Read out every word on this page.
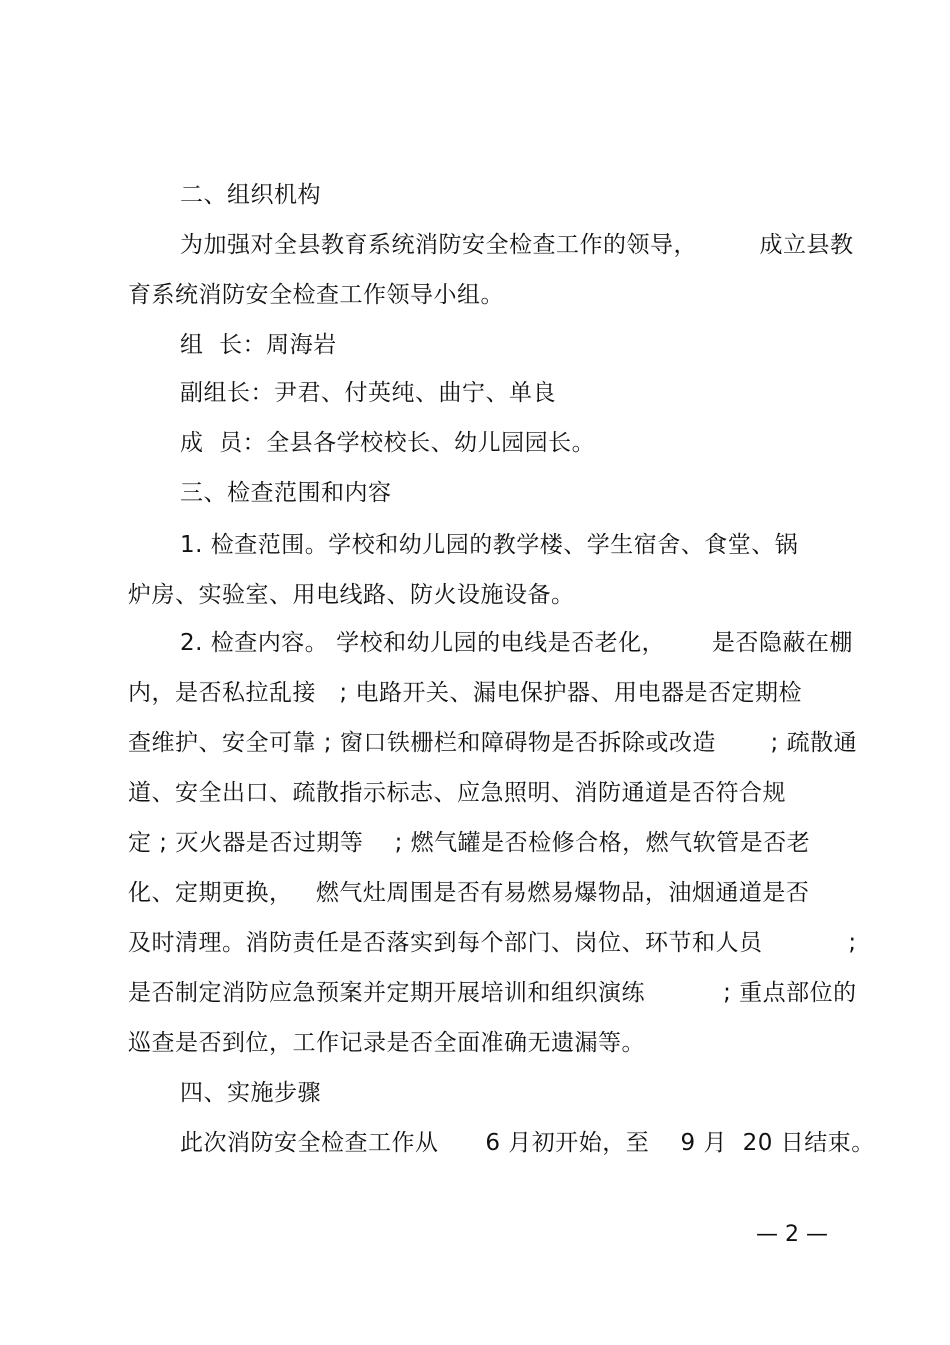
二、组织机构
为加强对全县教育系统消防安全检查工作的领导，        成立县教
育系统消防安全检查工作领导小组。
组  长：周海岩
副组长：尹君、付英纯、曲宁、单良
成  员：全县各学校校长、幼儿园园长。
三、检查范围和内容
1. 检查范围。学校和幼儿园的教学楼、学生宿舍、食堂、锅
炉房、实验室、用电线路、防火设施设备。
2. 检查内容。 学校和幼儿园的电线是否老化，      是否隐蔽在棚
内，是否私拉乱接   ; 电路开关、漏电保护器、用电器是否定期检
查维护、安全可靠 ; 窗口铁栅栏和障碍物是否拆除或改造       ; 疏散通
道、安全出口、疏散指示标志、应急照明、消防通道是否符合规
定 ; 灭火器是否过期等    ; 燃气罐是否检修合格，燃气软管是否老
化、定期更换，   燃气灶周围是否有易燃易爆物品，油烟通道是否
及时清理。消防责任是否落实到每个部门、岗位、环节和人员           ;
是否制定消防应急预案并定期开展培训和组织演练          ; 重点部位的
巡查是否到位，工作记录是否全面准确无遗漏等。
四、实施步骤
此次消防安全检查工作从      6 月初开始，至    9 月  20 日结束。
— 2 —
